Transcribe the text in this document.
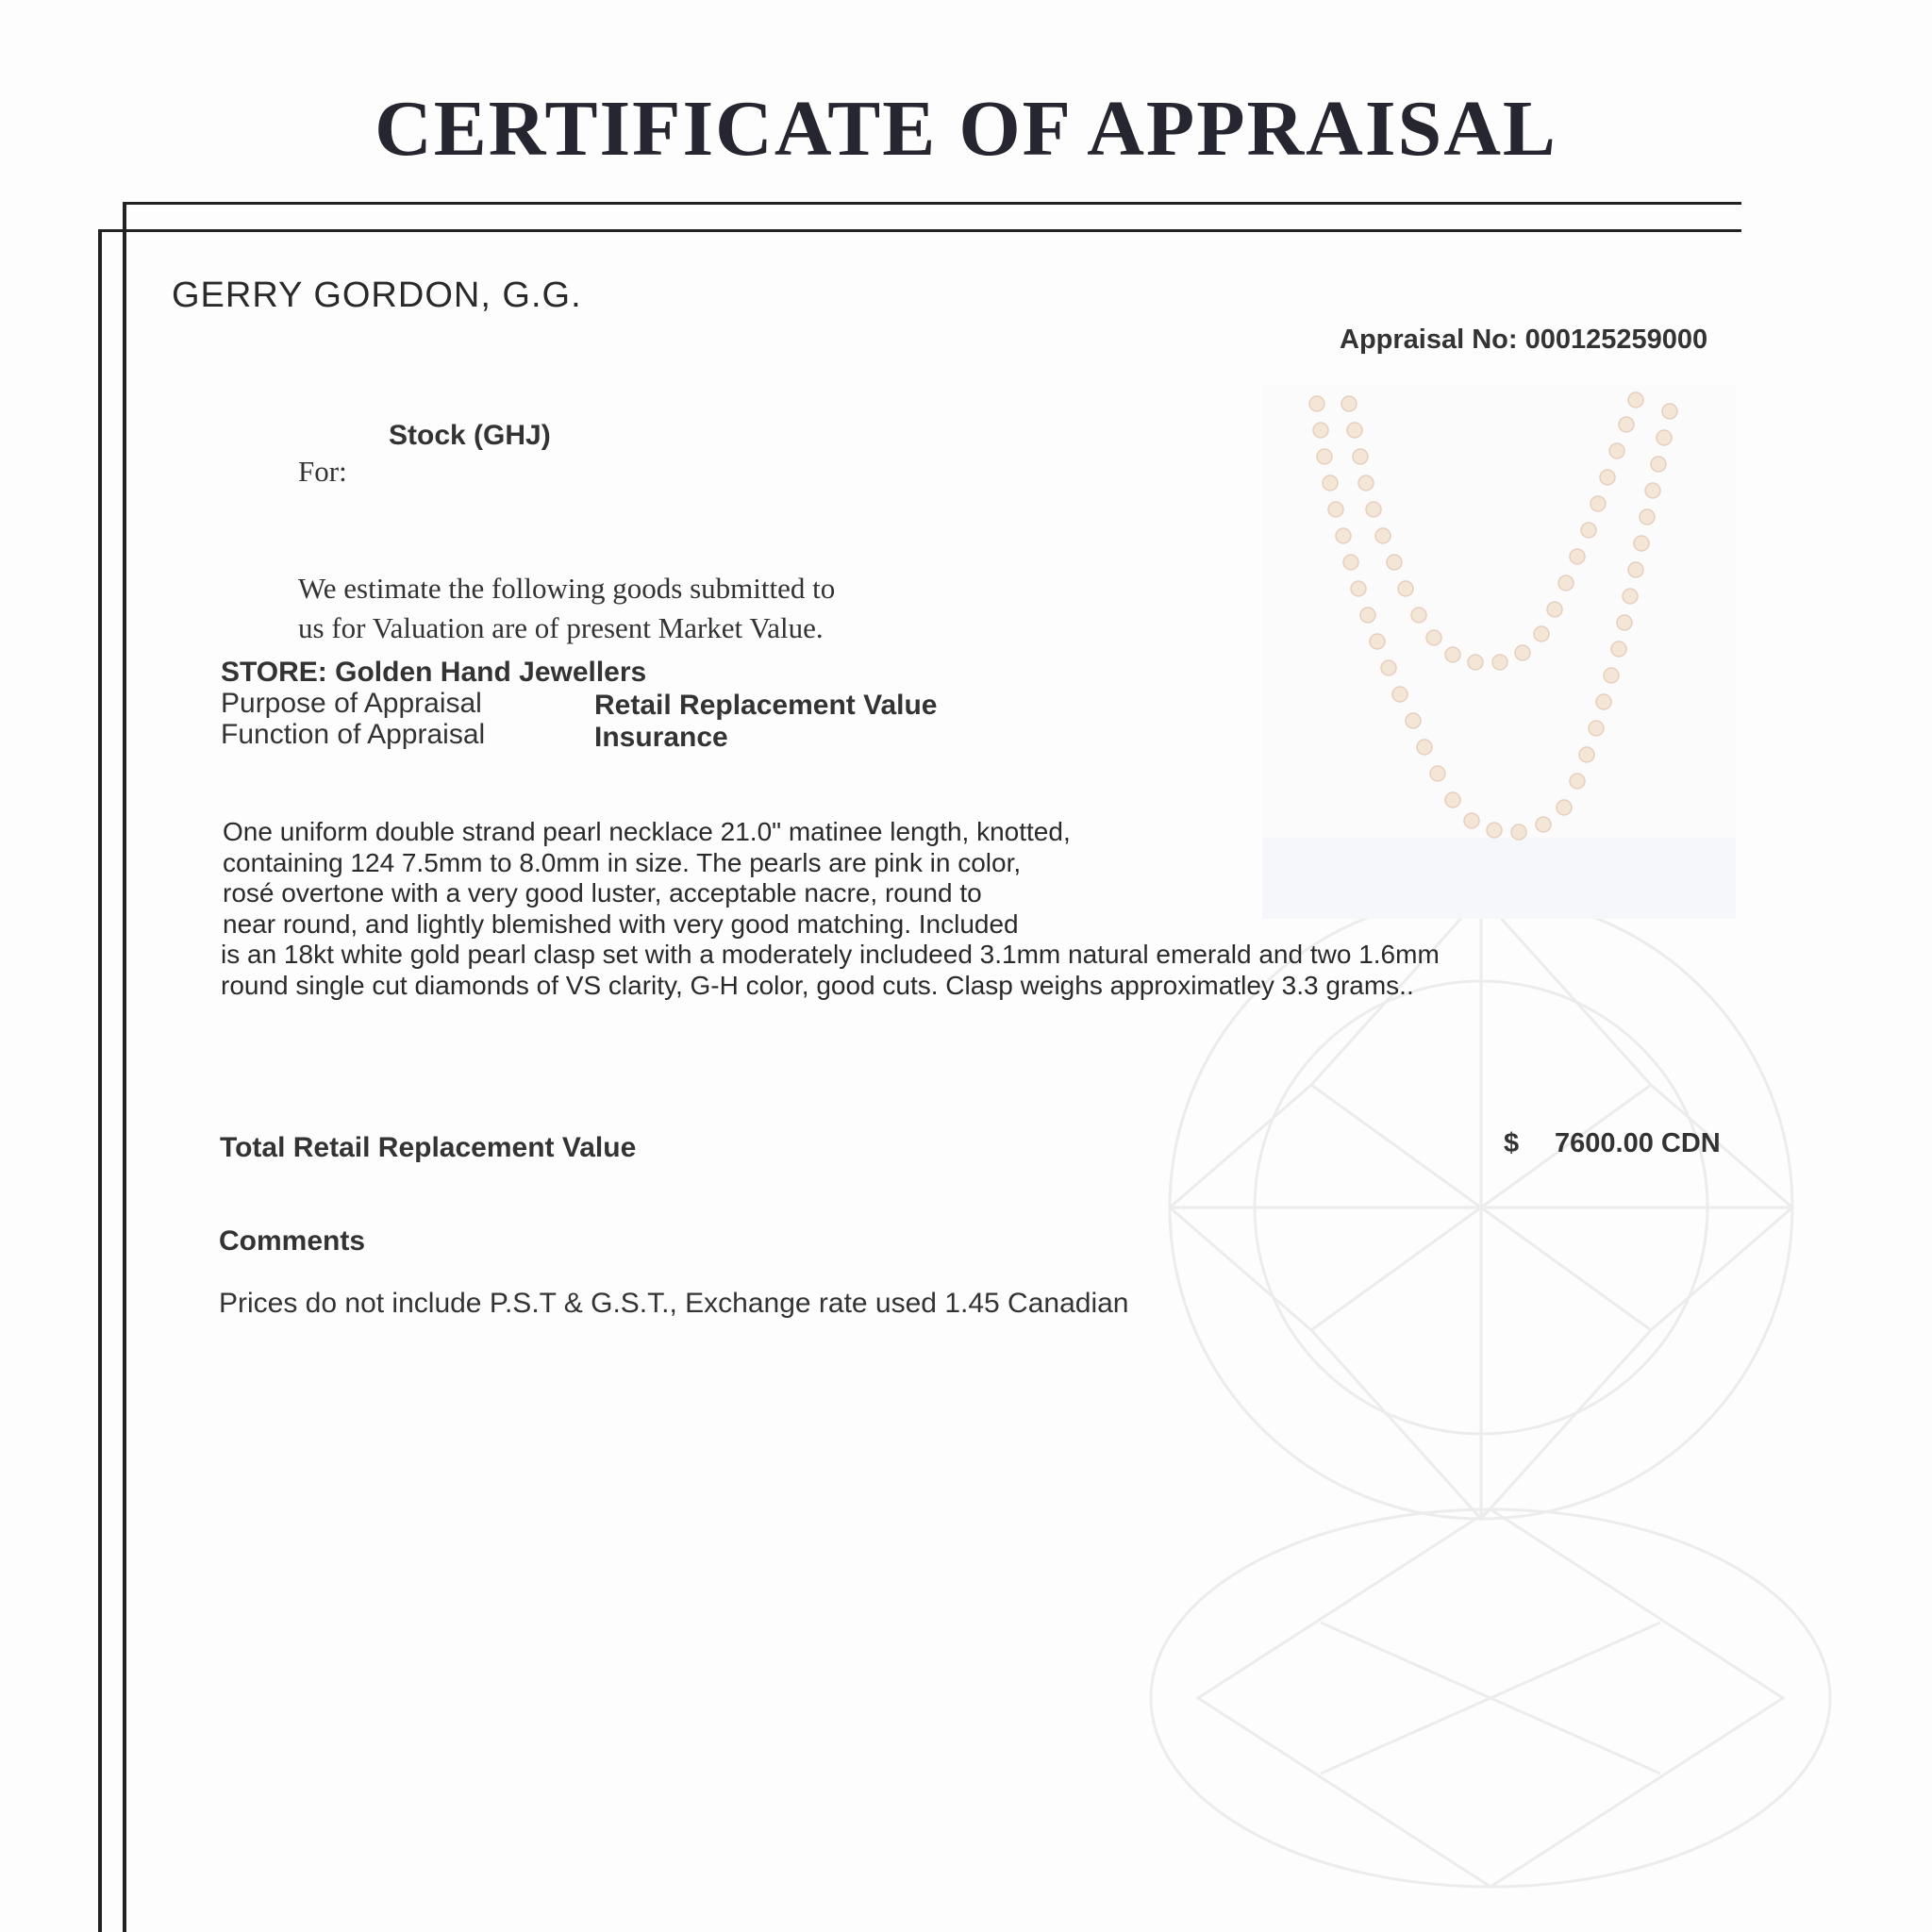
CERTIFICATE OF APPRAISAL
GERRY GORDON, G.G.
Appraisal No: 000125259000
Stock (GHJ)
For:
We estimate the following goods submitted to
us for Valuation are of present Market Value.
STORE: Golden Hand Jewellers
Purpose of Appraisal	Retail Replacement Value
Function of Appraisal	Insurance
One uniform double strand pearl necklace 21.0" matinee length, knotted,
containing 124 7.5mm to 8.0mm in size. The pearls are pink in color,
rosé overtone with a very good luster, acceptable nacre, round to
near round, and lightly blemished with very good matching. Included
is an 18kt white gold pearl clasp set with a moderately includeed 3.1mm natural emerald and two 1.6mm
round single cut diamonds of VS clarity, G-H color, good cuts. Clasp weighs approximatley 3.3 grams..
Total Retail Replacement Value	$ 7600.00 CDN
Comments
Prices do not include P.S.T & G.S.T., Exchange rate used 1.45 Canadian
